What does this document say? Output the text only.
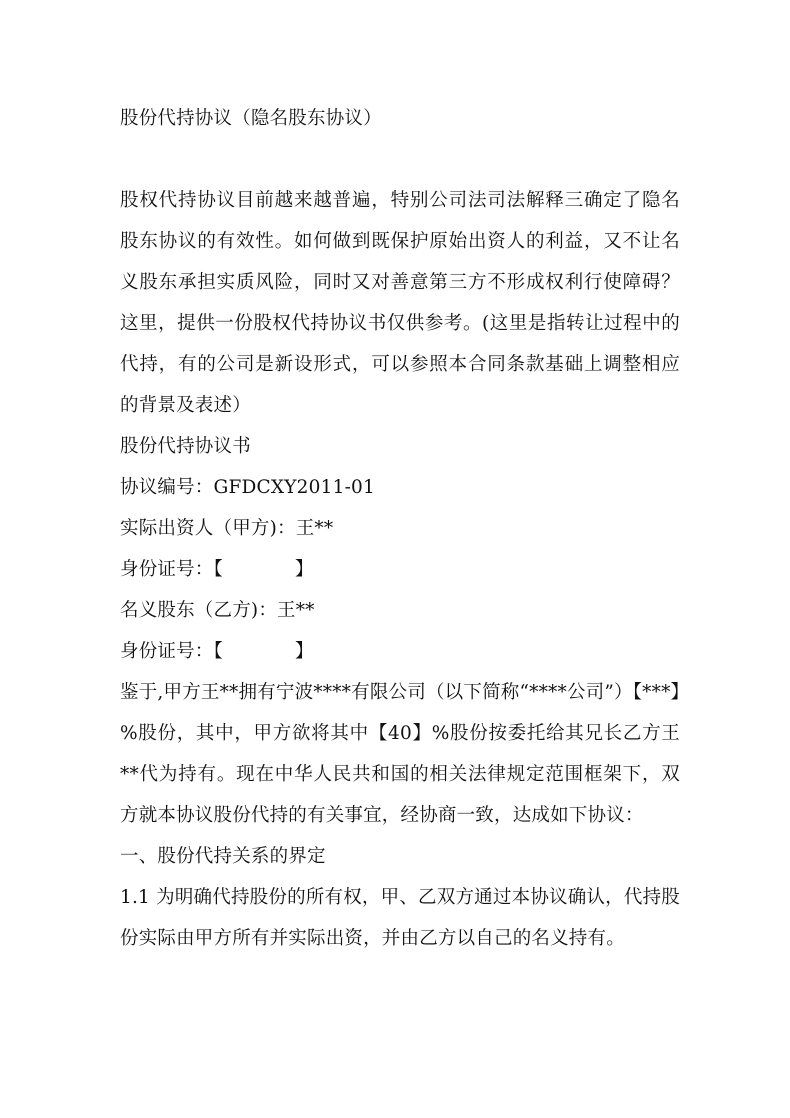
股份代持协议（隐名股东协议）

股权代持协议目前越来越普遍，特别公司法司法解释三确定了隐名股东协议的有效性。如何做到既保护原始出资人的利益，又不让名义股东承担实质风险，同时又对善意第三方不形成权利行使障碍？这里，提供一份股权代持协议书仅供参考。(这里是指转让过程中的代持，有的公司是新设形式，可以参照本合同条款基础上调整相应的背景及表述）

股份代持协议书

协议编号：GFDCXY2011-01

实际出资人（甲方)：王**

身份证号：【	】

名义股东（乙方)：王**

身份证号：【	】

鉴于,甲方王**拥有宁波****有限公司（以下简称“****公司”）【***】%股份，其中，甲方欲将其中【40】%股份按委托给其兄长乙方王**代为持有。现在中华人民共和国的相关法律规定范围框架下，双方就本协议股份代持的有关事宜，经协商一致，达成如下协议：

一、股份代持关系的界定

1.1 为明确代持股份的所有权，甲、乙双方通过本协议确认，代持股份实际由甲方所有并实际出资，并由乙方以自己的名义持有。
